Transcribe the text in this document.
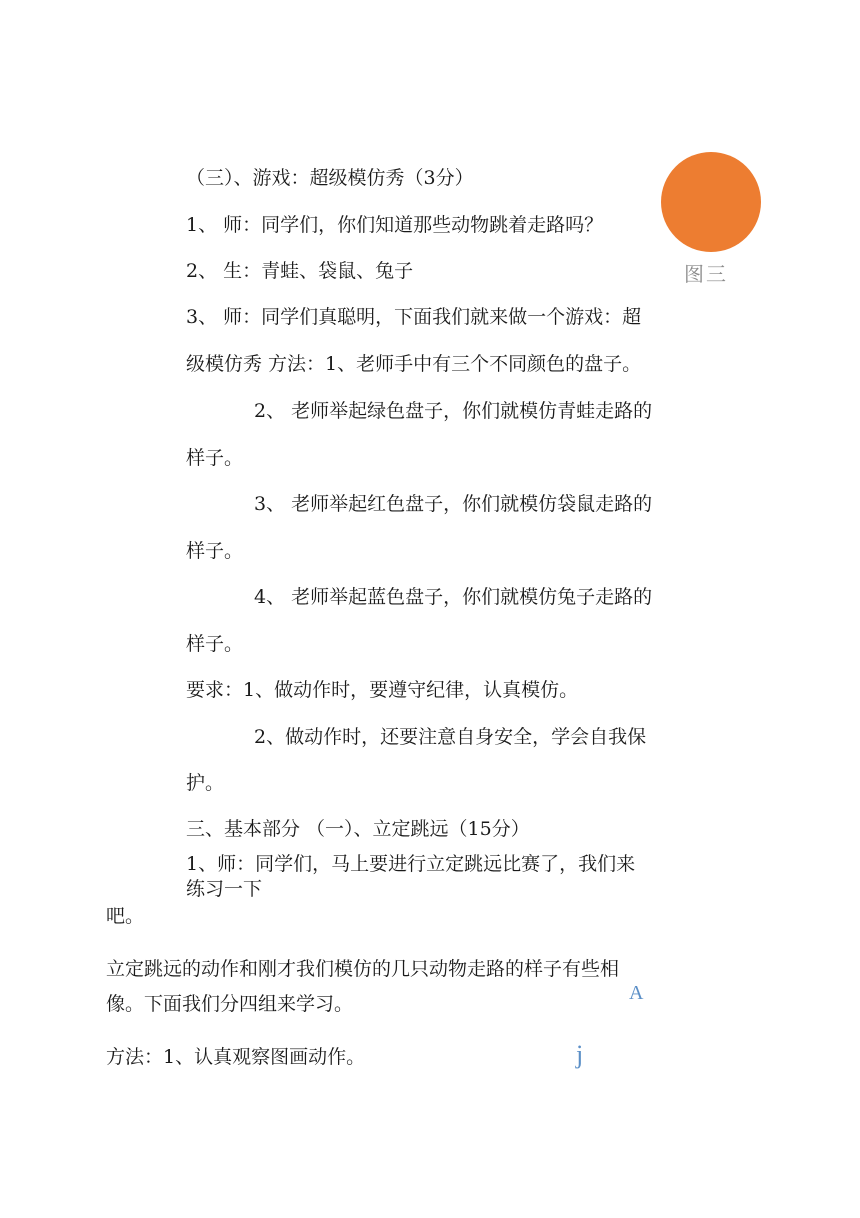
（三）、游戏：超级模仿秀（3分）
1、 师：同学们，你们知道那些动物跳着走路吗？
2、 生：青蛙、袋鼠、兔子
3、 师：同学们真聪明，下面我们就来做一个游戏：超
级模仿秀 方法：1、老师手中有三个不同颜色的盘子。
2、 老师举起绿色盘子，你们就模仿青蛙走路的
样子。
3、 老师举起红色盘子，你们就模仿袋鼠走路的
样子。
4、 老师举起蓝色盘子，你们就模仿兔子走路的
样子。
要求：1、做动作时，要遵守纪律，认真模仿。
2、做动作时，还要注意自身安全，学会自我保
护。
三、基本部分 （一）、立定跳远（15分）
1、师：同学们，马上要进行立定跳远比赛了，我们来
练习一下
吧。
立定跳远的动作和刚才我们模仿的几只动物走路的样子有些相
像。下面我们分四组来学习。
方法：1、认真观察图画动作。
图三
A
j
